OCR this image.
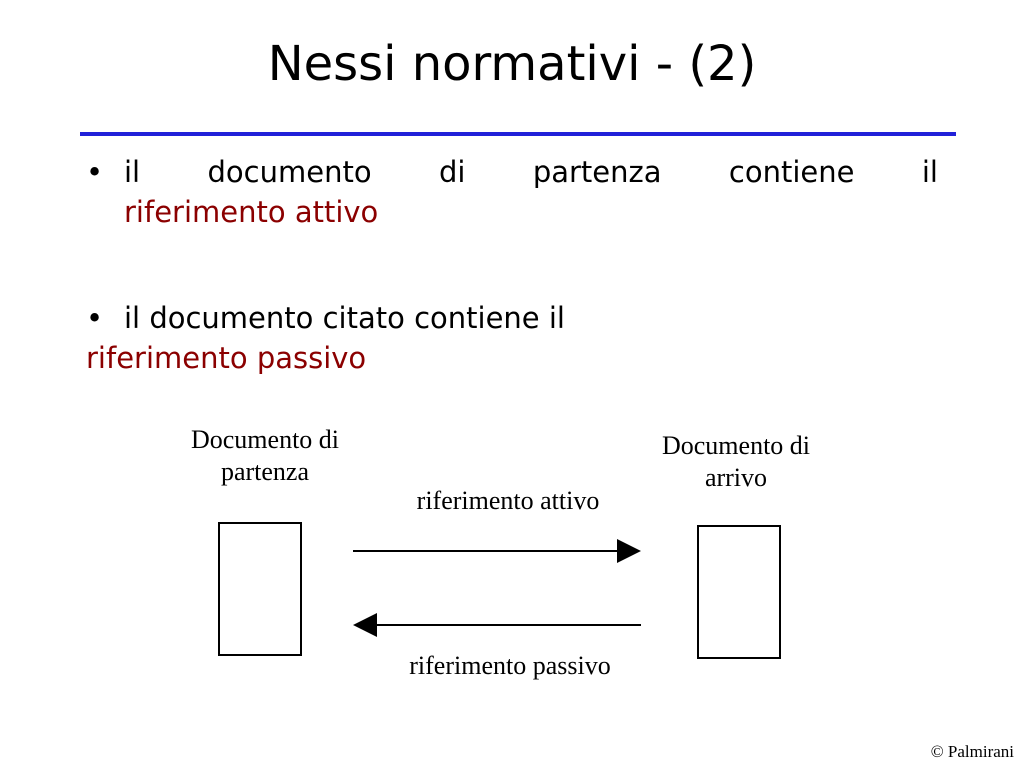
Nessi normativi - (2)
• il documento di partenza contiene il
riferimento attivo
• il documento citato contiene il
riferimento passivo
Documento di
partenza
Documento di
arrivo
riferimento attivo
riferimento passivo
© Palmirani
